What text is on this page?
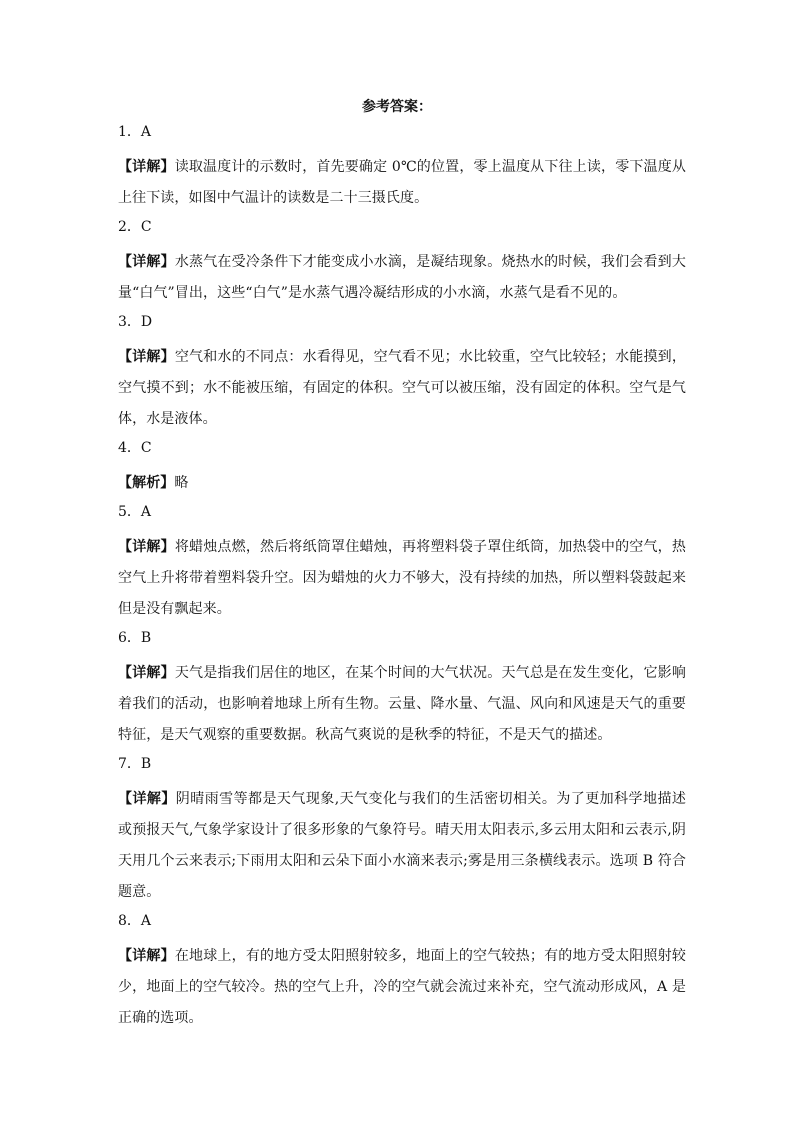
参考答案：
1．A
【详解】读取温度计的示数时，首先要确定 0℃的位置，零上温度从下往上读，零下温度从上往下读，如图中气温计的读数是二十三摄氏度。
2．C
【详解】水蒸气在受冷条件下才能变成小水滴，是凝结现象。烧热水的时候，我们会看到大量“白气”冒出，这些“白气”是水蒸气遇冷凝结形成的小水滴，水蒸气是看不见的。
3．D
【详解】空气和水的不同点：水看得见，空气看不见；水比较重，空气比较轻；水能摸到，空气摸不到；水不能被压缩，有固定的体积。空气可以被压缩，没有固定的体积。空气是气体，水是液体。
4．C
【解析】略
5．A
【详解】将蜡烛点燃，然后将纸筒罩住蜡烛，再将塑料袋子罩住纸筒，加热袋中的空气，热空气上升将带着塑料袋升空。因为蜡烛的火力不够大，没有持续的加热，所以塑料袋鼓起来但是没有飘起来。
6．B
【详解】天气是指我们居住的地区，在某个时间的大气状况。天气总是在发生变化，它影响着我们的活动，也影响着地球上所有生物。云量、降水量、气温、风向和风速是天气的重要特征，是天气观察的重要数据。秋高气爽说的是秋季的特征，不是天气的描述。
7．B
【详解】阴晴雨雪等都是天气现象,天气变化与我们的生活密切相关。为了更加科学地描述或预报天气,气象学家设计了很多形象的气象符号。晴天用太阳表示,多云用太阳和云表示,阴天用几个云来表示;下雨用太阳和云朵下面小水滴来表示;雾是用三条横线表示。选项 B 符合题意。
8．A
【详解】在地球上，有的地方受太阳照射较多，地面上的空气较热；有的地方受太阳照射较少，地面上的空气较冷。热的空气上升，冷的空气就会流过来补充，空气流动形成风，A 是正确的选项。
